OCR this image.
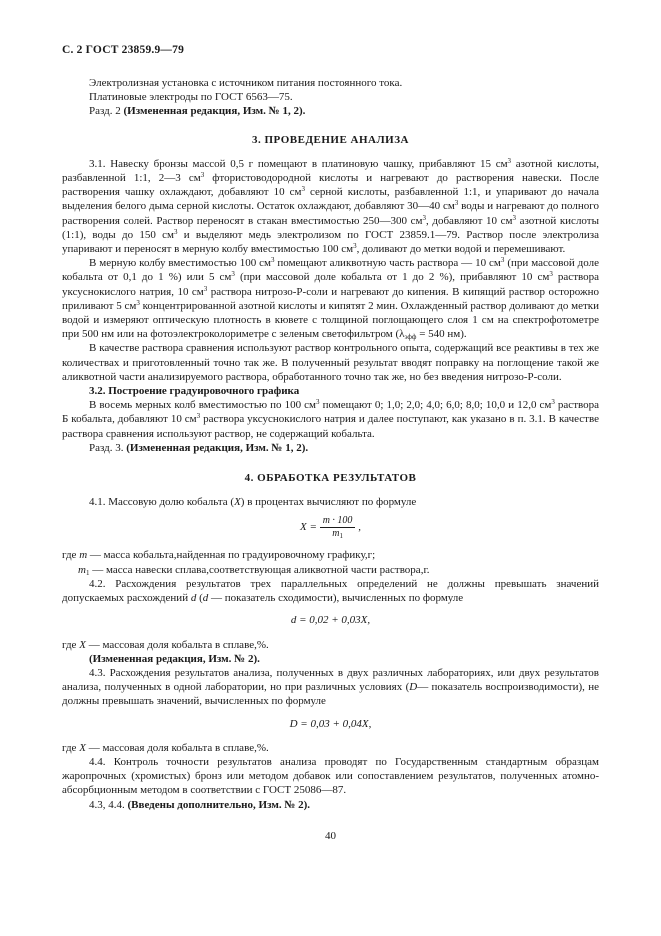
С. 2 ГОСТ 23859.9—79

Электролизная установка с источником питания постоянного тока.

Платиновые электроды по ГОСТ 6563—75.

Разд. 2 (Измененная редакция, Изм. № 1, 2).

3. ПРОВЕДЕНИЕ АНАЛИЗА

3.1. Навеску бронзы массой 0,5 г помещают в платиновую чашку, прибавляют 15 $см^3$ азотной кислоты, разбавленной 1:1, 2—3 $см^3$ фтористоводородной кислоты и нагревают до растворения навески. После растворения чашку охлаждают, добавляют 10 $см^3$ серной кислоты, разбавленной 1:1, и упаривают до начала выделения белого дыма серной кислоты. Остаток охлаждают, добавляют 30—40 $см^3$ воды и нагревают до полного растворения солей. Раствор переносят в стакан вместимостью 250—300 $см^3$, добавляют 10 $см^3$ азотной кислоты (1:1), воды до 150 $см^3$ и выделяют медь электролизом по ГОСТ 23859.1—79. Раствор после электролиза упаривают и переносят в мерную колбу вместимостью 100 $см^3$, доливают до метки водой и перемешивают.

В мерную колбу вместимостью 100 $см^3$ помещают аликвотную часть раствора — 10 $см^3$ (при массовой доле кобальта от 0,1 до 1 %) или 5 $см^3$ (при массовой доле кобальта от 1 до 2 %), прибавляют 10 $см^3$ раствора уксуснокислого натрия, 10 $см^3$ раствора нитрозо-Р-соли и нагревают до кипения. В кипящий раствор осторожно приливают 5 $см^3$ концентрированной азотной кислоты и кипятят 2 мин. Охлажденный раствор доливают до метки водой и измеряют оптическую плотность в кювете с толщиной поглощающего слоя 1 см на спектрофотометре при 500 нм или на фотоэлектроколориметре с зеленым светофильтром ($\lambda_{эфф} = 540$ нм).

В качестве раствора сравнения используют раствор контрольного опыта, содержащий все реактивы в тех же количествах и приготовленный точно так же. В полученный результат вводят поправку на поглощение такой же аликвотной части анализируемого раствора, обработанного точно так же, но без введения нитрозо-Р-соли.

3.2. Построение градуировочного графика

В восемь мерных колб вместимостью по 100 $см^3$ помещают 0; 1,0; 2,0; 4,0; 6,0; 8,0; 10,0 и 12,0 $см^3$ раствора Б кобальта, добавляют 10 $см^3$ раствора уксуснокислого натрия и далее поступают, как указано в п. 3.1. В качестве раствора сравнения используют раствор, не содержащий кобальта.

Разд. 3. (Измененная редакция, Изм. № 1, 2).

4. ОБРАБОТКА РЕЗУЛЬТАТОВ

4.1. Массовую долю кобальта (X) в процентах вычисляют по формуле

$X = \frac{m \cdot 100}{m_1}$ ,

где m — масса кобальта,найденная по градуировочному графику,г;

$m_1$ — масса навески сплава,соответствующая аликвотной части раствора,г.

4.2. Расхождения результатов трех параллельных определений не должны превышать значений допускаемых расхождений d (d — показатель сходимости), вычисленных по формуле

d = 0,02 + 0,03X,

где X — массовая доля кобальта в сплаве,%.

(Измененная редакция, Изм. № 2).

4.3. Расхождения результатов анализа, полученных в двух различных лабораториях, или двух результатов анализа, полученных в одной лаборатории, но при различных условиях (D— показатель воспроизводимости), не должны превышать значений, вычисленных по формуле

D = 0,03 + 0,04X,

где X — массовая доля кобальта в сплаве,%.

4.4. Контроль точности результатов анализа проводят по Государственным стандартным образцам жаропрочных (хромистых) бронз или методом добавок или сопоставлением результатов, полученных атомно-абсорбционным методом в соответствии с ГОСТ 25086—87.

4.3, 4.4. (Введены дополнительно, Изм. № 2).

40
